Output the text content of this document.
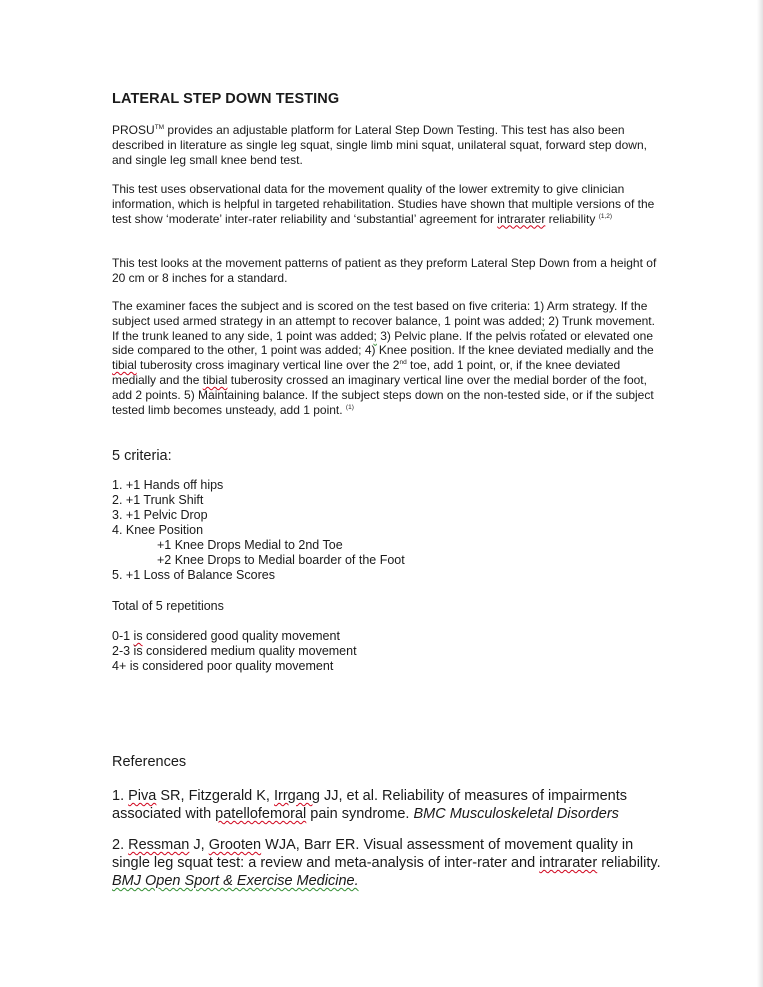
LATERAL STEP DOWN TESTING

PROSU™ provides an adjustable platform for Lateral Step Down Testing. This test has also been described in literature as single leg squat, single limb mini squat, unilateral squat, forward step down, and single leg small knee bend test.

This test uses observational data for the movement quality of the lower extremity to give clinician information, which is helpful in targeted rehabilitation. Studies have shown that multiple versions of the test show ‘moderate’ inter-rater reliability and ‘substantial’ agreement for intrarater reliability $^{(1,2)}$

This test looks at the movement patterns of patient as they preform Lateral Step Down from a height of 20 cm or 8 inches for a standard.

The examiner faces the subject and is scored on the test based on five criteria: 1) Arm strategy. If the subject used armed strategy in an attempt to recover balance, 1 point was added; 2) Trunk movement. If the trunk leaned to any side, 1 point was added; 3) Pelvic plane. If the pelvis rotated or elevated one side compared to the other, 1 point was added; 4) Knee position. If the knee deviated medially and the tibial tuberosity cross imaginary vertical line over the 2nd toe, add 1 point, or, if the knee deviated medially and the tibial tuberosity crossed an imaginary vertical line over the medial border of the foot, add 2 points. 5) Maintaining balance. If the subject steps down on the non-tested side, or if the subject tested limb becomes unsteady, add 1 point. $^{(1)}$

5 criteria:
1. +1 Hands off hips
2. +1 Trunk Shift
3. +1 Pelvic Drop
4. Knee Position
+1 Knee Drops Medial to 2nd Toe
+2 Knee Drops to Medial boarder of the Foot
5. +1 Loss of Balance Scores

Total of 5 repetitions

0-1 is considered good quality movement
2-3 is considered medium quality movement
4+ is considered poor quality movement
References

1. Piva SR, Fitzgerald K, Irrgang JJ, et al. Reliability of measures of impairments associated with patellofemoral pain syndrome. BMC Musculoskeletal Disorders

2. Ressman J, Grooten WJA, Barr ER. Visual assessment of movement quality in single leg squat test: a review and meta-analysis of inter-rater and intrarater reliability. BMJ Open Sport & Exercise Medicine.
